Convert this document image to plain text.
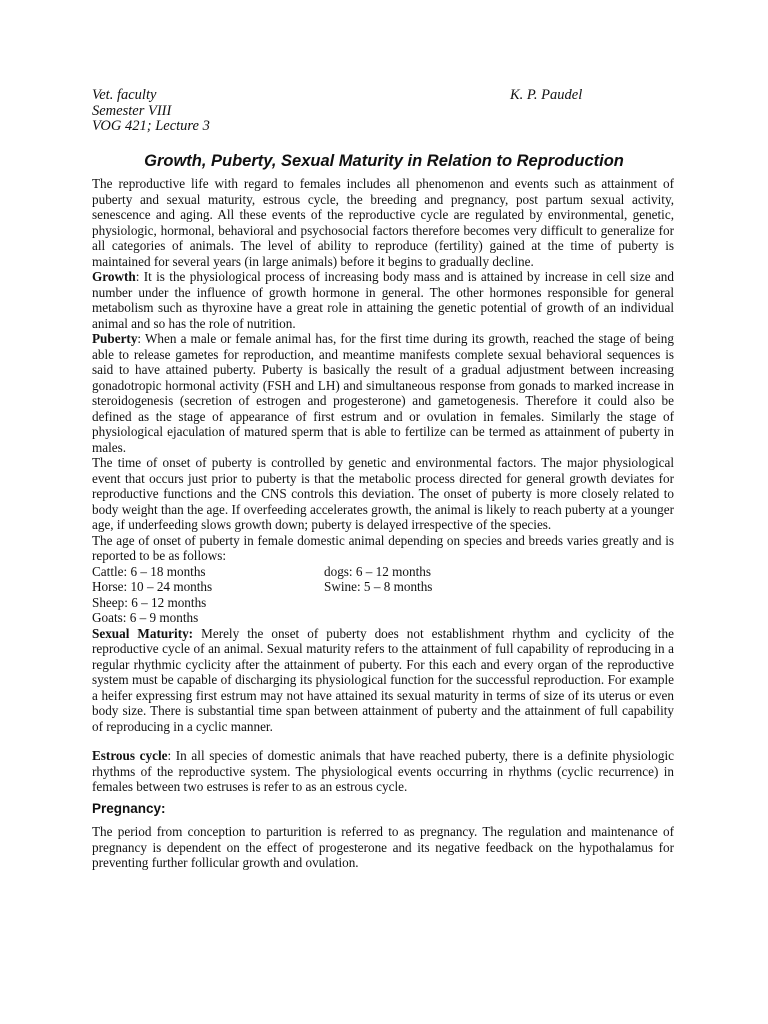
Vet. faculty
Semester VIII
VOG 421; Lecture 3
K. P. Paudel
Growth, Puberty, Sexual Maturity in Relation to Reproduction

The reproductive life with regard to females includes all phenomenon and events such as attainment of puberty and sexual maturity, estrous cycle, the breeding and pregnancy, post partum sexual activity, senescence and aging. All these events of the reproductive cycle are regulated by environmental, genetic, physiologic, hormonal, behavioral and psychosocial factors therefore becomes very difficult to generalize for all categories of animals. The level of ability to reproduce (fertility) gained at the time of puberty is maintained for several years (in large animals) before it begins to gradually decline.

Growth: It is the physiological process of increasing body mass and is attained by increase in cell size and number under the influence of growth hormone in general. The other hormones responsible for general metabolism such as thyroxine have a great role in attaining the genetic potential of growth of an individual animal and so has the role of nutrition.

Puberty: When a male or female animal has, for the first time during its growth, reached the stage of being able to release gametes for reproduction, and meantime manifests complete sexual behavioral sequences is said to have attained puberty. Puberty is basically the result of a gradual adjustment between increasing gonadotropic hormonal activity (FSH and LH) and simultaneous response from gonads to marked increase in steroidogenesis (secretion of estrogen and progesterone) and gametogenesis. Therefore it could also be defined as the stage of appearance of first estrum and or ovulation in females. Similarly the stage of physiological ejaculation of matured sperm that is able to fertilize can be termed as attainment of puberty in males.

The time of onset of puberty is controlled by genetic and environmental factors. The major physiological event that occurs just prior to puberty is that the metabolic process directed for general growth deviates for reproductive functions and the CNS controls this deviation. The onset of puberty is more closely related to body weight than the age. If overfeeding accelerates growth, the animal is likely to reach puberty at a younger age, if underfeeding slows growth down; puberty is delayed irrespective of the species.

The age of onset of puberty in female domestic animal depending on species and breeds varies greatly and is reported to be as follows:

Cattle: 6 – 18 months	dogs: 6 – 12 months
Horse: 10 – 24 months	Swine: 5 – 8 months
Sheep: 6 – 12 months
Goats: 6 – 9 months

Sexual Maturity: Merely the onset of puberty does not establishment rhythm and cyclicity of the reproductive cycle of an animal. Sexual maturity refers to the attainment of full capability of reproducing in a regular rhythmic cyclicity after the attainment of puberty. For this each and every organ of the reproductive system must be capable of discharging its physiological function for the successful reproduction. For example a heifer expressing first estrum may not have attained its sexual maturity in terms of size of its uterus or even body size. There is substantial time span between attainment of puberty and the attainment of full capability of reproducing in a cyclic manner.

Estrous cycle: In all species of domestic animals that have reached puberty, there is a definite physiologic rhythms of the reproductive system. The physiological events occurring in rhythms (cyclic recurrence) in females between two estruses is refer to as an estrous cycle.

Pregnancy:

The period from conception to parturition is referred to as pregnancy. The regulation and maintenance of pregnancy is dependent on the effect of progesterone and its negative feedback on the hypothalamus for preventing further follicular growth and ovulation.
